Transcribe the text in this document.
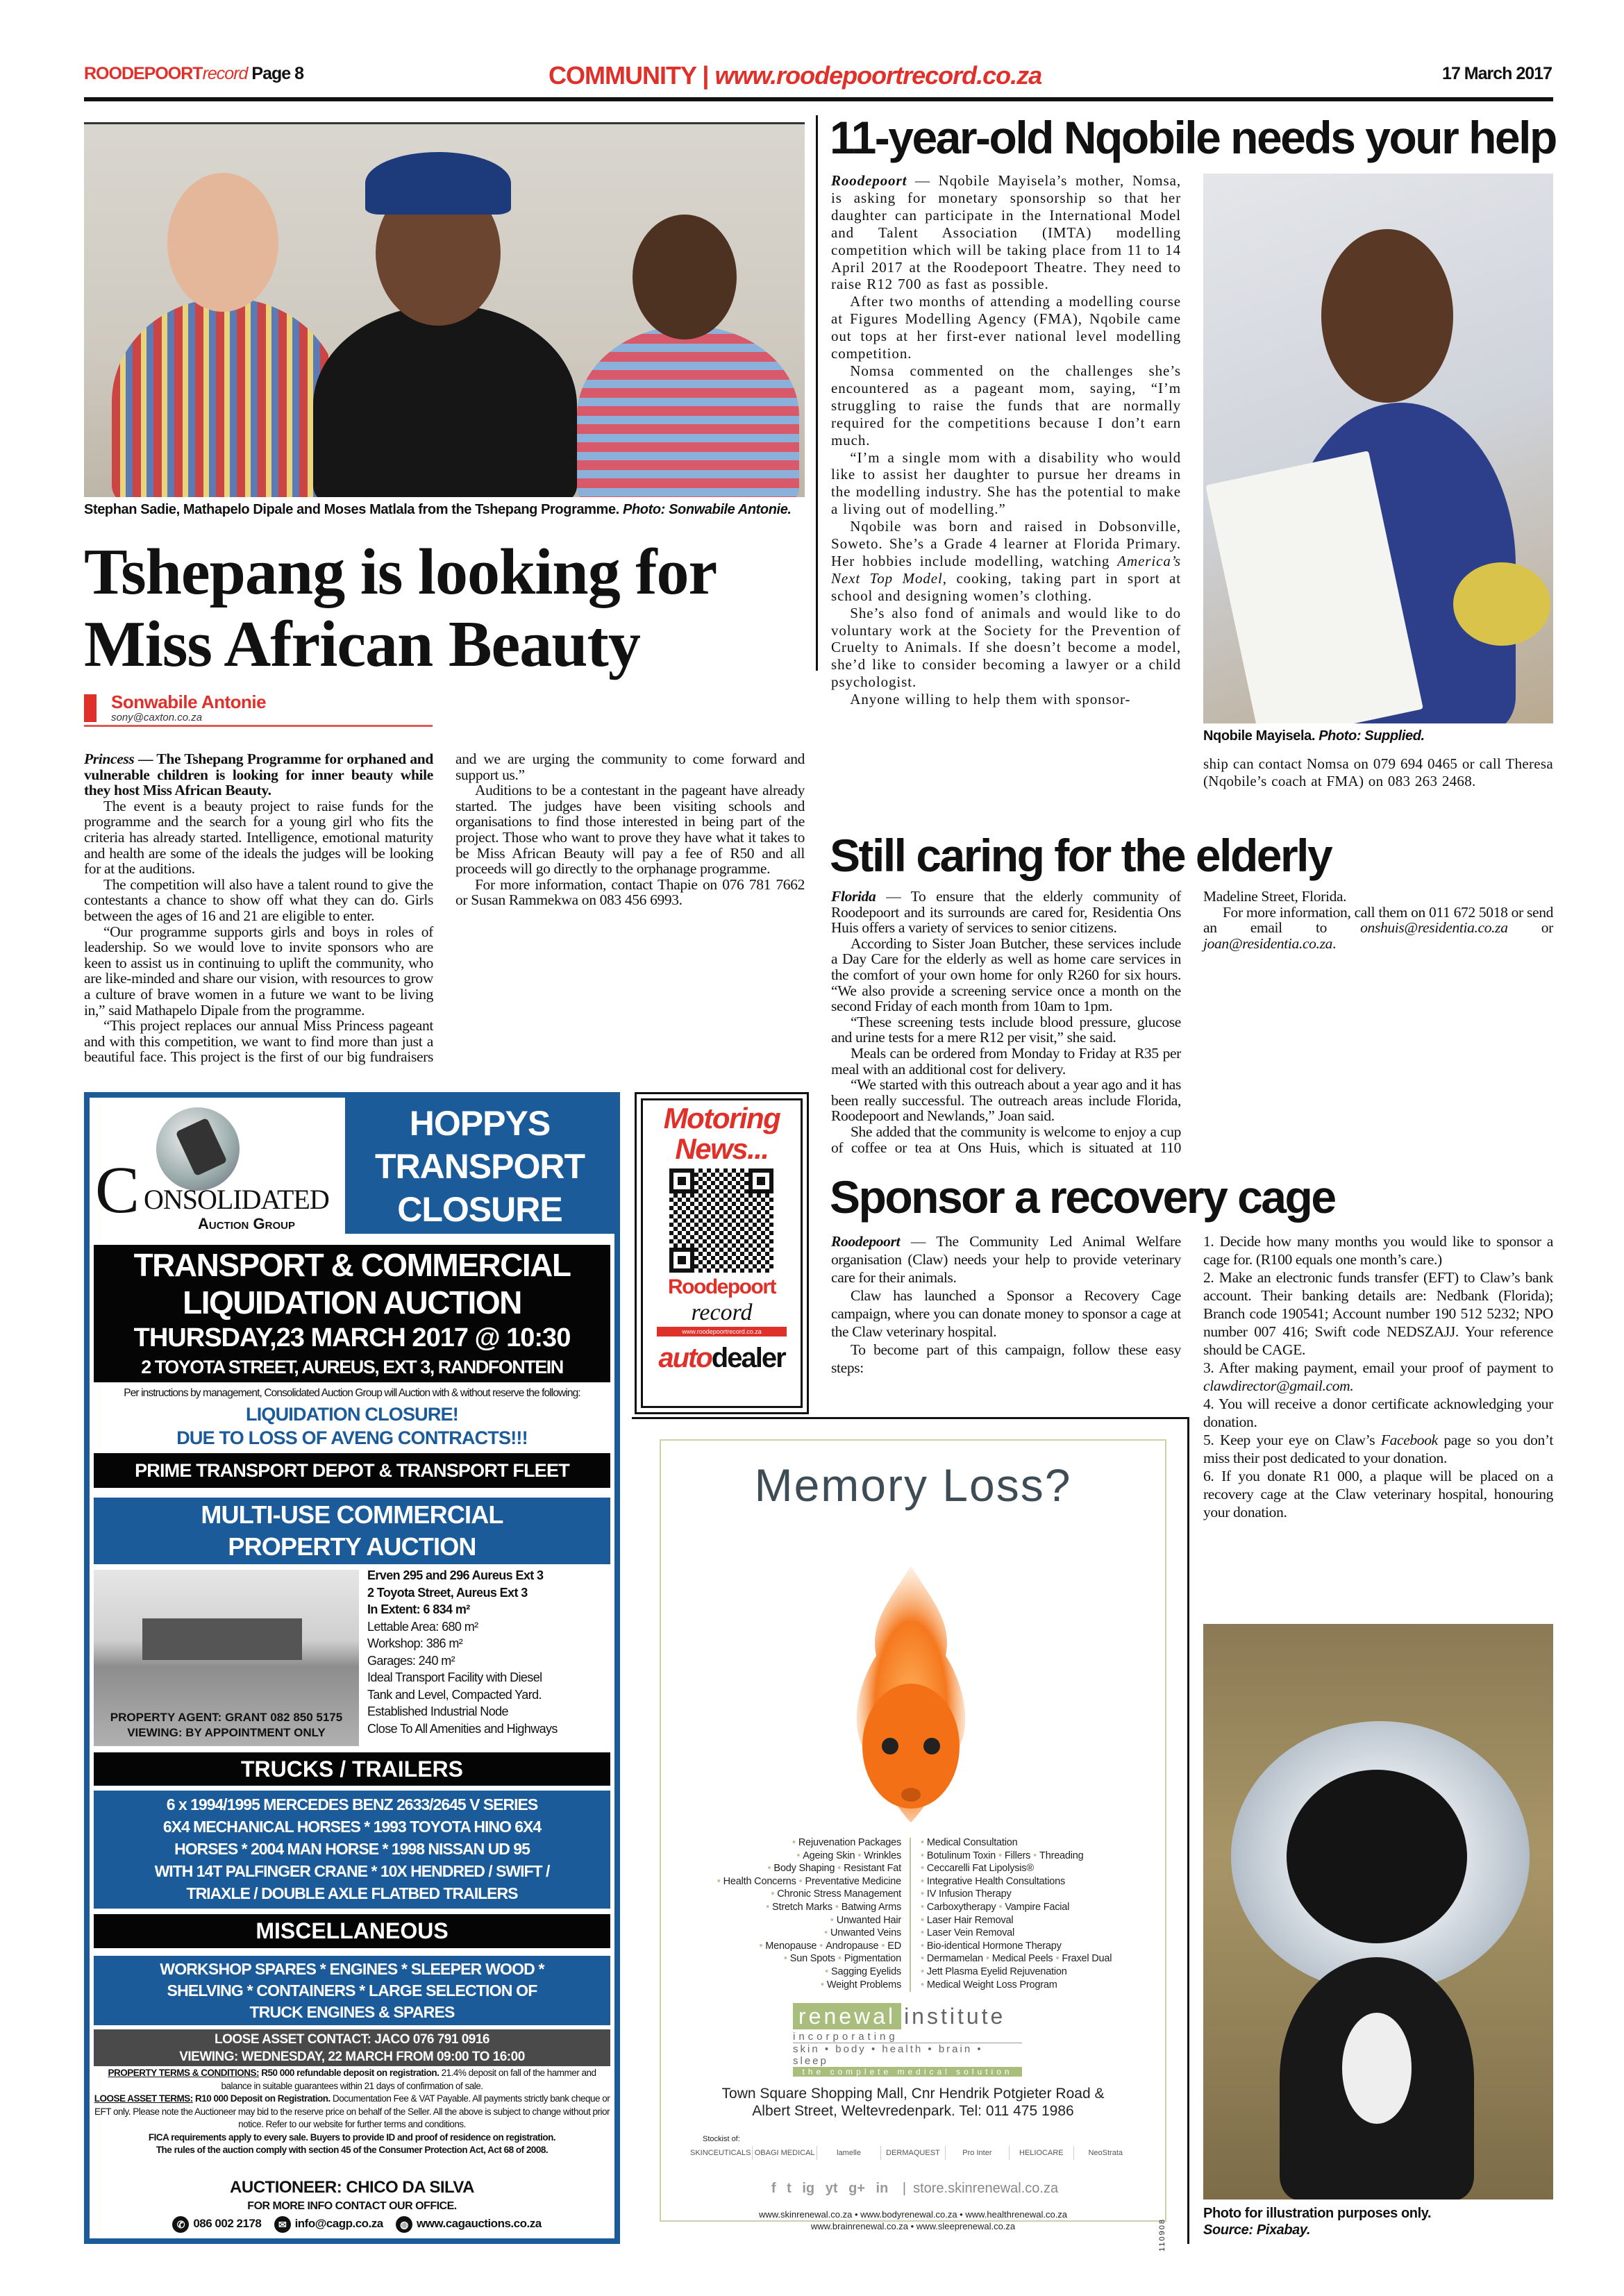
ROODEPOORTrecord Page 8	COMMUNITY | www.roodepoortrecord.co.za	17 March 2017
Stephan Sadie, Mathapelo Dipale and Moses Matlala from the Tshepang Programme. Photo: Sonwabile Antonie.
Tshepang is looking for Miss African Beauty
Sonwabile Antonie
sony@caxton.co.za

Princess — The Tshepang Programme for orphaned and vulnerable children is looking for inner beauty while they host Miss African Beauty.

The event is a beauty project to raise funds for the programme and the search for a young girl who fits the criteria has already started. Intelligence, emotional maturity and health are some of the ideals the judges will be looking for at the auditions.

The competition will also have a talent round to give the contestants a chance to show off what they can do. Girls between the ages of 16 and 21 are eligible to enter.

“Our programme supports girls and boys in roles of leadership. So we would love to invite sponsors who are keen to assist us in continuing to uplift the community, who are like-minded and share our vision, with resources to grow a culture of brave women in a future we want to be living in,” said Mathapelo Dipale from the programme.

“This project replaces our annual Miss Princess pageant and with this competition, we want to find more than just a beautiful face. This project is the first of our big fundraisers and we are urging the community to come forward and support us.”

Auditions to be a contestant in the pageant have already started. The judges have been visiting schools and organisations to find those interested in being part of the project. Those who want to prove they have what it takes to be Miss African Beauty will pay a fee of R50 and all proceeds will go directly to the orphanage programme.

For more information, contact Thapie on 076 781 7662 or Susan Rammekwa on 083 456 6993.

11-year-old Nqobile needs your help

Roodepoort — Nqobile Mayisela’s mother, Nomsa, is asking for monetary sponsorship so that her daughter can participate in the International Model and Talent Association (IMTA) modelling competition which will be taking place from 11 to 14 April 2017 at the Roodepoort Theatre. They need to raise R12 700 as fast as possible.

After two months of attending a modelling course at Figures Modelling Agency (FMA), Nqobile came out tops at her first-ever national level modelling competition.

Nomsa commented on the challenges she’s encountered as a pageant mom, saying, “I’m struggling to raise the funds that are normally required for the competitions because I don’t earn much.

“I’m a single mom with a disability who would like to assist her daughter to pursue her dreams in the modelling industry. She has the potential to make a living out of modelling.”

Nqobile was born and raised in Dobsonville, Soweto. She’s a Grade 4 learner at Florida Primary. Her hobbies include modelling, watching America’s Next Top Model, cooking, taking part in sport at school and designing women’s clothing.

She’s also fond of animals and would like to do voluntary work at the Society for the Prevention of Cruelty to Animals. If she doesn’t become a model, she’d like to consider becoming a lawyer or a child psychologist.

Anyone willing to help them with sponsor-

Nqobile Mayisela. Photo: Supplied.

ship can contact Nomsa on 079 694 0465 or call Theresa (Nqobile’s coach at FMA) on 083 263 2468.

Still caring for the elderly

Florida — To ensure that the elderly community of Roodepoort and its surrounds are cared for, Residentia Ons Huis offers a variety of services to senior citizens.

According to Sister Joan Butcher, these services include a Day Care for the elderly as well as home care services in the comfort of your own home for only R260 for six hours. “We also provide a screening service once a month on the second Friday of each month from 10am to 1pm.

“These screening tests include blood pressure, glucose and urine tests for a mere R12 per visit,” she said.

Meals can be ordered from Monday to Friday at R35 per meal with an additional cost for delivery.

“We started with this outreach about a year ago and it has been really successful. The outreach areas include Florida, Roodepoort and Newlands,” Joan said.

She added that the community is welcome to enjoy a cup of coffee or tea at Ons Huis, which is situated at 110 Madeline Street, Florida.

For more information, call them on 011 672 5018 or send an email to onshuis@residentia.co.za or joan@residentia.co.za.

Sponsor a recovery cage

Roodepoort — The Community Led Animal Welfare organisation (Claw) needs your help to provide veterinary care for their animals.

Claw has launched a Sponsor a Recovery Cage campaign, where you can donate money to sponsor a cage at the Claw veterinary hospital.

To become part of this campaign, follow these easy steps:

1. Decide how many months you would like to sponsor a cage for. (R100 equals one month’s care.)

2. Make an electronic funds transfer (EFT) to Claw’s bank account. Their banking details are: Nedbank (Florida); Branch code 190541; Account number 190 512 5232; NPO number 007 416; Swift code NEDSZAJJ. Your reference should be CAGE.

3. After making payment, email your proof of payment to clawdirector@gmail.com.

4. You will receive a donor certificate acknowledging your donation.

5. Keep your eye on Claw’s Facebook page so you don’t miss their post dedicated to your donation.

6. If you donate R1 000, a plaque will be placed on a recovery cage at the Claw veterinary hospital, honouring your donation.

Photo for illustration purposes only.
Source: Pixabay.
C ONSOLIDATED
Auction Group
HOPPYS
TRANSPORT
CLOSURE
TRANSPORT & COMMERCIAL
LIQUIDATION AUCTION
THURSDAY,23 MARCH 2017 @ 10:30
2 TOYOTA STREET, AUREUS, EXT 3, RANDFONTEIN
Per instructions by management, Consolidated Auction Group will Auction with & without reserve the following:
LIQUIDATION CLOSURE!
DUE TO LOSS OF AVENG CONTRACTS!!!
PRIME TRANSPORT DEPOT & TRANSPORT FLEET
MULTI-USE COMMERCIAL
PROPERTY AUCTION
PROPERTY AGENT: GRANT 082 850 5175
VIEWING: BY APPOINTMENT ONLY
Erven 295 and 296 Aureus Ext 3
2 Toyota Street, Aureus Ext 3
In Extent: 6 834 m²
Lettable Area: 680 m²
Workshop: 386 m²
Garages: 240 m²
Ideal Transport Facility with Diesel
Tank and Level, Compacted Yard.
Established Industrial Node
Close To All Amenities and Highways
TRUCKS / TRAILERS
6 x 1994/1995 MERCEDES BENZ 2633/2645 V SERIES
6X4 MECHANICAL HORSES * 1993 TOYOTA HINO 6X4
HORSES * 2004 MAN HORSE * 1998 NISSAN UD 95
WITH 14T PALFINGER CRANE * 10X HENDRED / SWIFT /
TRIAXLE / DOUBLE AXLE FLATBED TRAILERS
MISCELLANEOUS
WORKSHOP SPARES * ENGINES * SLEEPER WOOD *
SHELVING * CONTAINERS * LARGE SELECTION OF
TRUCK ENGINES & SPARES
LOOSE ASSET CONTACT: JACO 076 791 0916
VIEWING: WEDNESDAY, 22 MARCH FROM 09:00 TO 16:00
PROPERTY TERMS & CONDITIONS: R50 000 refundable deposit on registration. 21.4% deposit on fall of the hammer and balance in suitable guarantees within 21 days of confirmation of sale.
LOOSE ASSET TERMS: R10 000 Deposit on Registration. Documentation Fee & VAT Payable. All payments strictly bank cheque or EFT only. Please note the Auctioneer may bid to the reserve price on behalf of the Seller. All the above is subject to change without prior notice. Refer to our website for further terms and conditions.
FICA requirements apply to every sale. Buyers to provide ID and proof of residence on registration.
The rules of the auction comply with section 45 of the Consumer Protection Act, Act 68 of 2008.
AUCTIONEER: CHICO DA SILVA
FOR MORE INFO CONTACT OUR OFFICE.
✆ 086 002 2178 ✉ info@cagp.co.za ◍ www.cagauctions.co.za
Motoring
News...
Roodepoort
record
www.roodepoortrecord.co.za
autodealer
Memory Loss?
• Rejuvenation Packages
• Ageing Skin • Wrinkles
• Body Shaping • Resistant Fat
• Health Concerns • Preventative Medicine
• Chronic Stress Management
• Stretch Marks • Batwing Arms
• Unwanted Hair
• Unwanted Veins
• Menopause • Andropause • ED
• Sun Spots • Pigmentation
• Sagging Eyelids
• Weight Problems
• Medical Consultation
• Botulinum Toxin • Fillers • Threading
• Ceccarelli Fat Lipolysis®
• Integrative Health Consultations
• IV Infusion Therapy
• Carboxytherapy • Vampire Facial
• Laser Hair Removal
• Laser Vein Removal
• Bio-identical Hormone Therapy
• Dermamelan • Medical Peels • Fraxel Dual
• Jett Plasma Eyelid Rejuvenation
• Medical Weight Loss Program
renewal institute
incorporating
skin • body • health • brain • sleep
the complete medical solution
Town Square Shopping Mall, Cnr Hendrik Potgieter Road &
Albert Street, Weltevredenpark. Tel: 011 475 1986
Stockist of:
SKINCEUTICALS OBAGI MEDICAL	lamelle	DERMAQUEST	Pro Inter	HELIOCARE	NeoStrata
f t ig yt g+ in | store.skinrenewal.co.za
www.skinrenewal.co.za • www.bodyrenewal.co.za • www.healthrenewal.co.za
www.brainrenewal.co.za • www.sleeprenewal.co.za	110908
